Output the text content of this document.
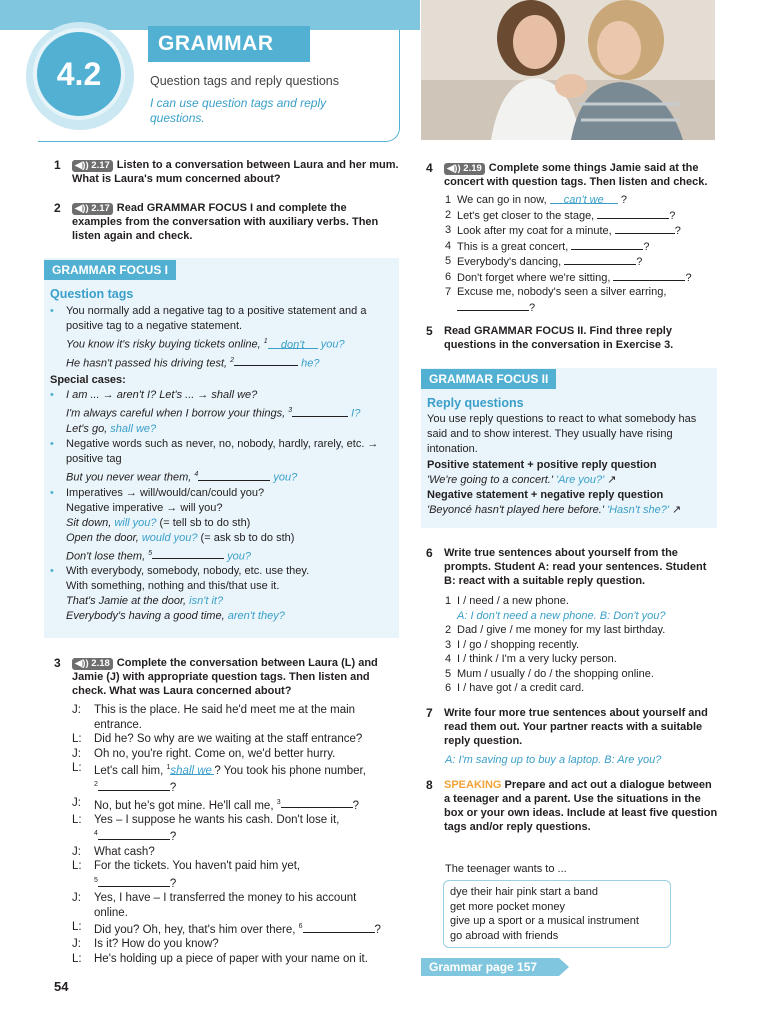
4.2
GRAMMAR
Question tags and reply questions
I can use question tags and reply questions.
1	◀)) 2.17 Listen to a conversation between Laura and her mum. What is Laura's mum concerned about?
2	◀)) 2.17 Read GRAMMAR FOCUS I and complete the examples from the conversation with auxiliary verbs. Then listen again and check.
GRAMMAR FOCUS I
Question tags
•	You normally add a negative tag to a positive statement and a positive tag to a negative statement.
You know it's risky buying tickets online, $^1$ don't you?
He hasn't passed his driving test, $^2$	he?
Special cases:
•	I am ... → aren't I? Let's ... → shall we?
I'm always careful when I borrow your things, $^3$	I?
Let's go, shall we?
•	Negative words such as never, no, nobody, hardly, rarely, etc. → positive tag
But you never wear them, $^4$	you?
•	Imperatives → will/would/can/could you?
Negative imperative → will you?
Sit down, will you? (= tell sb to do sth)
Open the door, would you? (= ask sb to do sth)
Don't lose them, $^5$	you?
•	With everybody, somebody, nobody, etc. use they.
With something, nothing and this/that use it.
That's Jamie at the door, isn't it?
Everybody's having a good time, aren't they?
3	◀)) 2.18 Complete the conversation between Laura (L) and Jamie (J) with appropriate question tags. Then listen and check. What was Laura concerned about?
J:	This is the place. He said he'd meet me at the main
entrance.
L:	Did he? So why are we waiting at the staff entrance?
J:	Oh no, you're right. Come on, we'd better hurry.
L:	Let's call him, $^1$shall we ? You took his phone number,
$^2$	?
J:	No, but he's got mine. He'll call me, $^3$	?
L:	Yes – I suppose he wants his cash. Don't lose it,
$^4$	?
J:	What cash?
L:	For the tickets. You haven't paid him yet,
$^5$	?
J:	Yes, I have – I transferred the money to his account
online.
L:	Did you? Oh, hey, that's him over there, $^6$	?
J:	Is it? How do you know?
L:	He's holding up a piece of paper with your name on it.
54
4	◀)) 2.19 Complete some things Jamie said at the concert with question tags. Then listen and check.
1 We can go in now, can't we ?
2 Let's get closer to the stage,	?
3 Look after my coat for a minute,	?
4 This is a great concert,	?
5 Everybody's dancing,	?
6 Don't forget where we're sitting,	?
7 Excuse me, nobody's seen a silver earring,
?
5 Read GRAMMAR FOCUS II. Find three reply questions in the conversation in Exercise 3.
GRAMMAR FOCUS II
Reply questions
You use reply questions to react to what somebody has said and to show interest. They usually have rising intonation.
Positive statement + positive reply question
'We're going to a concert.' 'Are you?' ↗
Negative statement + negative reply question
'Beyoncé hasn't played here before.' 'Hasn't she?' ↗
6 Write true sentences about yourself from the prompts. Student A: read your sentences. Student B: react with a suitable reply question.
1 I / need / a new phone.
A: I don't need a new phone. B: Don't you?
2 Dad / give / me money for my last birthday.
3 I / go / shopping recently.
4 I / think / I'm a very lucky person.
5 Mum / usually / do / the shopping online.
6 I / have got / a credit card.
7 Write four more true sentences about yourself and read them out. Your partner reacts with a suitable reply question.
A: I'm saving up to buy a laptop. B: Are you?
8 SPEAKING Prepare and act out a dialogue between a teenager and a parent. Use the situations in the box or your own ideas. Include at least five question tags and/or reply questions.
The teenager wants to ...
dye their hair pink start a band
get more pocket money
give up a sport or a musical instrument
go abroad with friends
Grammar page 157
